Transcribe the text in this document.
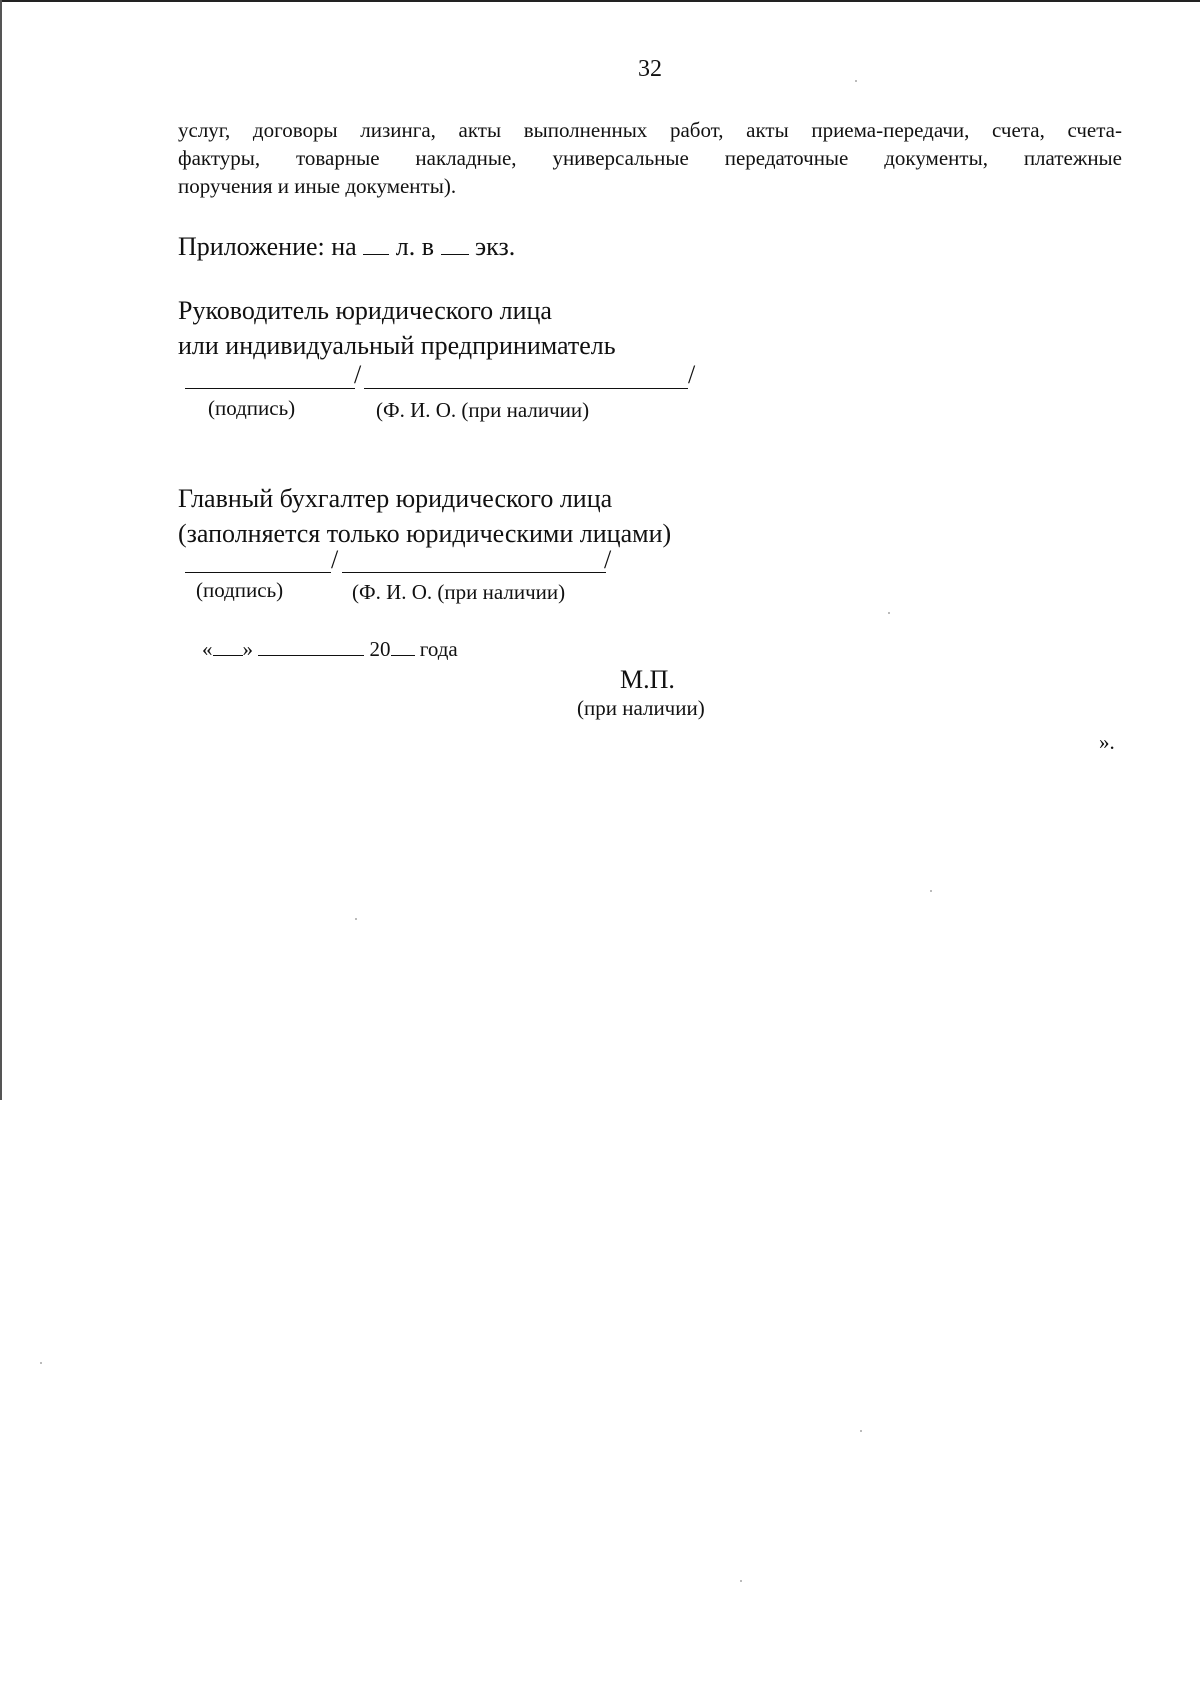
32
услуг, договоры лизинга, акты выполненных работ, акты приема-передачи, счета, счета-
фактуры, товарные накладные, универсальные передаточные документы, платежные
поручения и иные документы).
Приложение: на л. в экз.
Руководитель юридического лица
или индивидуальный предприниматель
/	/
(подпись)	(Ф. И. О. (при наличии)
Главный бухгалтер юридического лица
(заполняется только юридическими лицами)
/	/
(подпись)	(Ф. И. О. (при наличии)
« »	20 года
М.П.
(при наличии)
».
